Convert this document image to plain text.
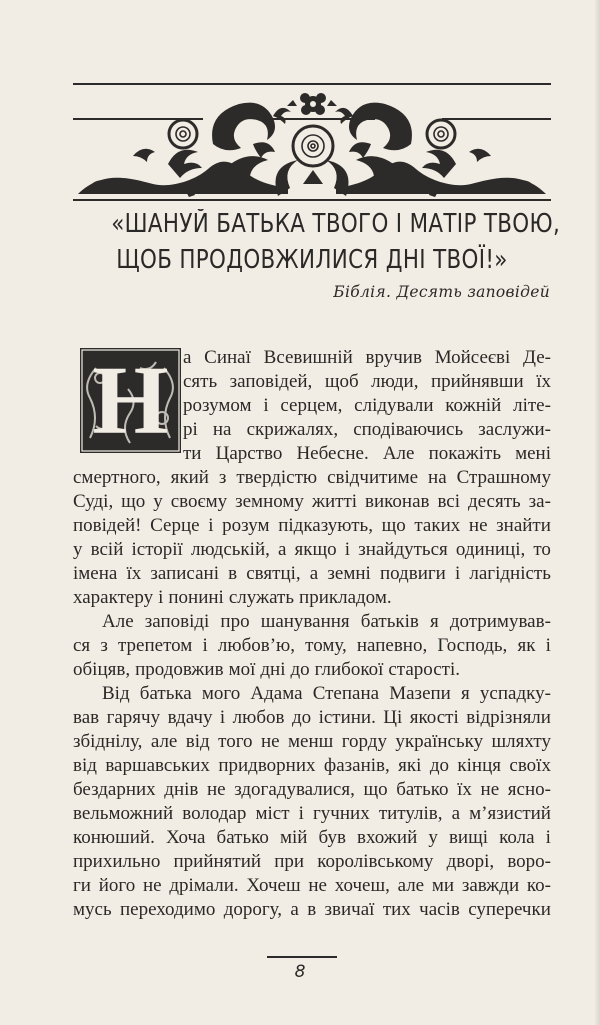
«ШАНУЙ БАТЬКА ТВОГО І МАТІР ТВОЮ,
ЩОБ ПРОДОВЖИЛИСЯ ДНІ ТВОЇ!»
Біблія. Десять заповідей
Н а Синаї Всевишній вручив Мойсеєві Де-
сять заповідей, щоб люди, прийнявши їх
розумом і серцем, слідували кожній літе-
рі на скрижалях, сподіваючись заслужи-
ти Царство Небесне. Але покажіть мені
смертного, який з твердістю свідчитиме на Страшному
Суді, що у своєму земному житті виконав всі десять за-
повідей! Серце і розум підказують, що таких не знайти
у всій історії людській, а якщо і знайдуться одиниці, то
імена їх записані в святці, а земні подвиги і лагідність
характеру і понині служать прикладом.
Але заповіді про шанування батьків я дотримував-
ся з трепетом і любов’ю, тому, напевно, Господь, як і
обіцяв, продовжив мої дні до глибокої старості.
Від батька мого Адама Степана Мазепи я успадку-
вав гарячу вдачу і любов до істини. Ці якості відрізняли
збіднілу, але від того не менш горду українську шляхту
від варшавських придворних фазанів, які до кінця своїх
бездарних днів не здогадувалися, що батько їх не ясно-
вельможний володар міст і гучних титулів, а м’язистий
конюший. Хоча батько мій був вхожий у вищі кола і
прихильно прийнятий при королівському дворі, воро-
ги його не дрімали. Хочеш не хочеш, але ми завжди ко-
мусь переходимо дорогу, а в звичаї тих часів суперечки
8
